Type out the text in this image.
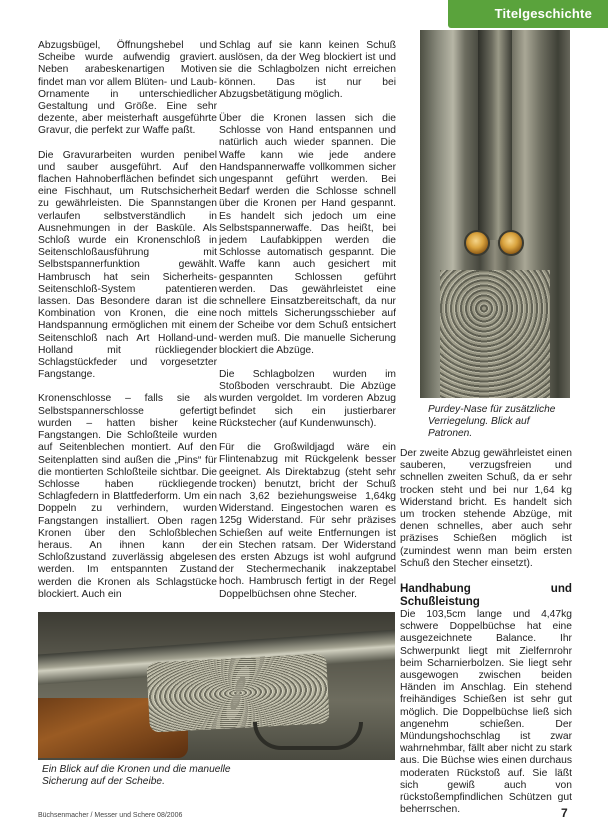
Titelgeschichte

Abzugsbügel, Öffnungshebel und Scheibe wurde aufwendig graviert. Neben arabeskenartigen Motiven findet man vor allem Blüten- und Laub-Ornamente in unterschiedlicher Gestaltung und Größe. Eine sehr dezente, aber meisterhaft ausgeführte Gravur, die perfekt zur Waffe paßt.

Die Gravurarbeiten wurden penibel und sauber ausgeführt. Auf den flachen Hahnoberflächen befindet sich eine Fischhaut, um Rutschsicherheit zu gewährleisten. Die Spannstangen verlaufen selbstverständlich in Ausnehmungen in der Baskūle. Als Schloß wurde ein Kronenschloß in Seitenschloßausführung mit Selbstspannerfunktion gewählt. Hambrusch hat sein Sicherheits-Seitenschloß-System patentieren lassen. Das Besondere daran ist die Kombination von Kronen, die eine Handspannung ermöglichen mit einem Seitenschloß nach Art Holland-und-Holland mit rückliegender Schlagstückfeder und vorgesetzter Fangstange.

Kronenschlosse – falls sie als Selbstspannerschlosse gefertigt wurden – hatten bisher keine Fangstangen. Die Schloßteile wurden auf Seitenblechen montiert. Auf den Seitenplatten sind außen die „Pins“ für die montierten Schloßteile sichtbar. Die Schlosse haben rückliegende Schlagfedern in Blattfederform. Um ein Doppeln zu verhindern, wurden Fangstangen installiert. Oben ragen Kronen über den Schloßblechen heraus. An ihnen kann der Schloßzustand zuverlässig abgelesen werden. Im entspannten Zustand werden die Kronen als Schlagstücke blockiert. Auch ein

Schlag auf sie kann keinen Schuß auslösen, da der Weg blockiert ist und sie die Schlagbolzen nicht erreichen können. Das ist nur bei Abzugsbetätigung möglich.

Über die Kronen lassen sich die Schlosse von Hand entspannen und natürlich auch wieder spannen. Die Waffe kann wie jede andere Handspannerwaffe vollkommen sicher ungespannt geführt werden. Bei Bedarf werden die Schlosse schnell über die Kronen per Hand gespannt. Es handelt sich jedoch um eine Selbstspannerwaffe. Das heißt, bei jedem Laufabkippen werden die Schlosse automatisch gespannt. Die Waffe kann auch gesichert mit gespannten Schlossen geführt werden. Das gewährleistet eine schnellere Einsatzbereitschaft, da nur noch mittels Sicherungsschieber auf der Scheibe vor dem Schuß entsichert werden muß. Die manuelle Sicherung blockiert die Abzüge.

Die Schlagbolzen wurden im Stoßboden verschraubt. Die Abzüge wurden vergoldet. Im vorderen Abzug befindet sich ein justierbarer Rückstecher (auf Kundenwunsch).

Für die Großwildjagd wäre ein Flintenabzug mit Rückgelenk besser geeignet. Als Direktabzug (steht sehr trocken) benutzt, bricht der Schuß nach 3,62 beziehungsweise 1,64kg Widerstand. Eingestochen waren es 125g Widerstand. Für sehr präzises Schießen auf weite Entfernungen ist ein Stechen ratsam. Der Widerstand des ersten Abzugs ist wohl aufgrund der Stechermechanik inakzeptabel hoch. Hambrusch fertigt in der Regel Doppelbüchsen ohne Stecher.

Purdey-Nase für zusätzliche Verriegelung. Blick auf Patronen.

Der zweite Abzug gewährleistet einen sauberen, verzugsfreien und schnellen zweiten Schuß, da er sehr trocken steht und bei nur 1,64 kg Widerstand bricht. Es handelt sich um trocken stehende Abzüge, mit denen schnelles, aber auch sehr präzises Schießen möglich ist (zumindest wenn man beim ersten Schuß den Stecher einsetzt).

Handhabung und Schußleistung

Die 103,5cm lange und 4,47kg schwere Doppelbüchse hat eine ausgezeichnete Balance. Ihr Schwerpunkt liegt mit Zielfernrohr beim Scharnierbolzen. Sie liegt sehr ausgewogen zwischen beiden Händen im Anschlag. Ein stehend freihändiges Schießen ist sehr gut möglich. Die Doppelbüchse ließ sich angenehm schießen. Der Mündungshochschlag ist zwar wahrnehmbar, fällt aber nicht zu stark aus. Die Büchse wies einen durchaus moderaten Rückstoß auf. Sie läßt sich gewiß auch von rückstoßempfindlichen Schützen gut beherrschen.

Ein Blick auf die Kronen und die manuelle Sicherung auf der Scheibe.
Büchsenmacher / Messer und Schere 08/2006	7
